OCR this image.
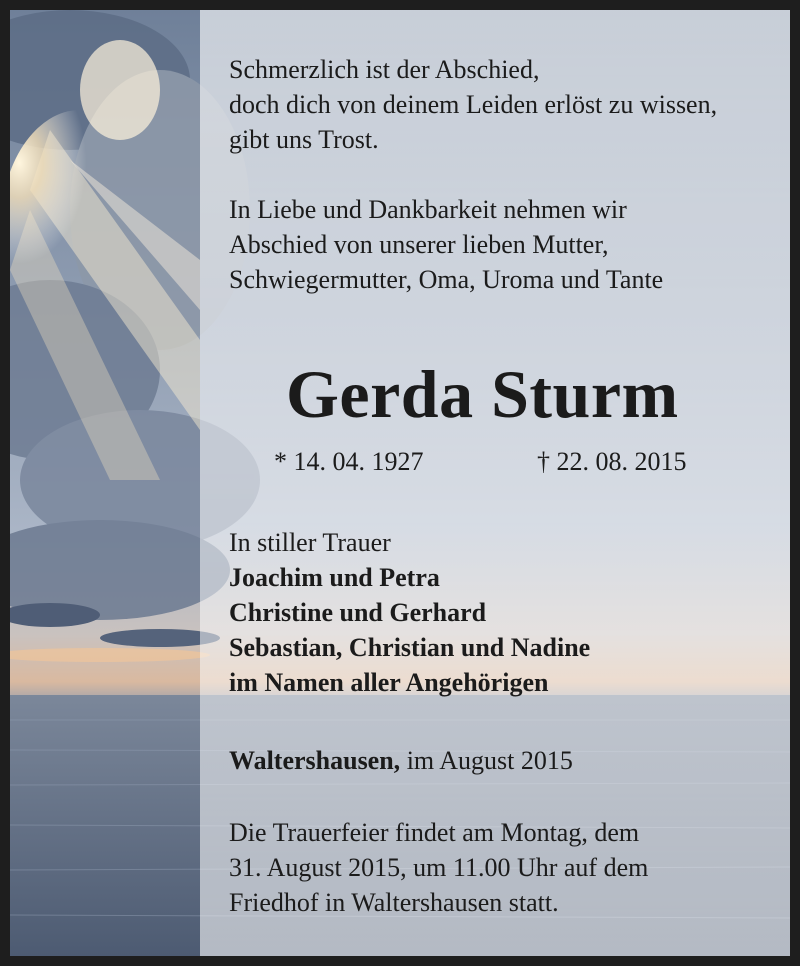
Schmerzlich ist der Abschied,
doch dich von deinem Leiden erlöst zu wissen,
gibt uns Trost.

In Liebe und Dankbarkeit nehmen wir
Abschied von unserer lieben Mutter,
Schwiegermutter, Oma, Uroma und Tante

Gerda Sturm
* 14. 04. 1927	† 22. 08. 2015

In stiller Trauer
Joachim und Petra
Christine und Gerhard
Sebastian, Christian und Nadine
im Namen aller Angehörigen

Waltershausen, im August 2015

Die Trauerfeier findet am Montag, dem
31. August 2015, um 11.00 Uhr auf dem
Friedhof in Waltershausen statt.
